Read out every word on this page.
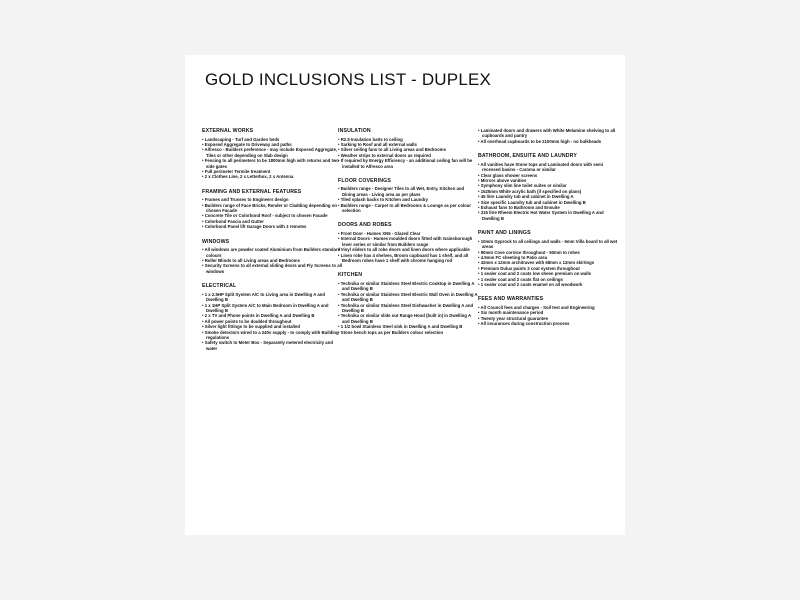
GOLD INCLUSIONS LIST - DUPLEX
EXTERNAL WORKS
• Landscaping - Turf and Garden beds
• Exposed Aggregate to Driveway and paths
• Alfresco - Builders preference - may include Exposed Aggregate, Tiles or other depending on Slab design
• Fencing to all perimeters to be 1800mm high with returns and two side gates
• Full perimeter Termite treatment
• 2 x Clothes Line, 2 x Letterbox, 2 x Antenna
FRAMING AND EXTERNAL FEATURES
• Frames and Trusses to Engineers design
• Builders range of Face Bricks, Render or Cladding depending on chosen Facade
• Concrete Tile or Colorbond Roof - subject to chosen Facade
• Colorbond Fascia and Gutter
• Colorbond Panel lift Garage Doors with 3 remotes
WINDOWS
• All windows are powder coated Aluminium from Builders standard colours
• Roller Blinds to all Living areas and Bedrooms
• Security Screens to all external sliding doors and Fly Screens to all windows
ELECTRICAL
• 1 x 2.5HP Split System A/C to Living area in Dwelling A and Dwelling B
• 1 x 1HP Split System A/C to Main Bedroom in Dwelling A and Dwelling B
• 2 x TV and Phone points in Dwelling A and Dwelling B
• All power points to be doubled throughout
• Silver light fittings to be supplied and installed
• Smoke detectors wired to a 240v supply - to comply with Building regulations
• Safety switch to Meter Box - Separately metered electricity and water
INSULATION
• R2.5 Insulation batts to ceiling
• Sarking to Roof and all external walls
• Silver ceiling fans to all Living areas and Bedrooms
• Weather strips to external doors as required
• If required by Energy Efficiency - an additional ceiling fan will be installed to Alfresco area
FLOOR COVERINGS
• Builders range - Designer Tiles to all Wet, Entry, Kitchen and Dining areas - Living area as per plans
• Tiled splash backs to Kitchen and Laundry
• Builders range - Carpet to all Bedrooms & Lounge as per colour selection
DOORS AND ROBES
• Front Door - Humes XN5 - Glazed Clear
• Internal Doors - Humes moulded doors fitted with Gainsborough lever series or similar from Builders range
• Vinyl sliders to all robe doors and linen doors where applicable
• Linen robe has 4 shelves, Broom cupboard has 1 shelf, and all Bedroom robes have 1 shelf with chrome hanging rod
KITCHEN
• Technika or similar Stainless Steel Electric Cooktop in Dwelling A and Dwelling B
• Technika or similar Stainless Steel Electric Wall Oven in Dwelling A and Dwelling B
• Technika or similar Stainless Steel Dishwasher in Dwelling A and Dwelling B
• Technika or similar slide out Range Hood (built in) in Dwelling A and Dwelling B
• 1 1/2 bowl Stainless Steel sink in Dwelling A and Dwelling B
• Stone bench tops as per Builders colour selection
• Laminated doors and drawers with White Melamine shelving to all cupboards and pantry
• All overhead cupboards to be 2100mm high - no bulkheads
BATHROOM, ENSUITE AND LAUNDRY
• All vanities have Stone tops and Laminated doors with semi recessed basins - Caroma or similar
• Clear glass shower screens
• Mirrors above vanities
• Symphony slim line toilet suites or similar
• 1525mm White acrylic bath (if specified on plans)
• 45 litre Laundry tub and cabinet in Dwelling A
• Size specific Laundry tub and cabinet in Dwelling B
• Exhaust fans to Bathroom and Ensuite
• 315 litre Rheem Electric Hot Water System in Dwelling A and Dwelling B
PAINT AND LININGS
• 10mm Gyprock to all ceilings and walls - 6mm Villa board to all wet areas
• 90mm Cove cornice throughout - 50mm to robes
• 4.5mm FC sheeting to Patio area
• 42mm x 12mm architraves with 68mm x 12mm skirtings
• Premium Dulux paints 3 coat system throughout
• 1 sealer coat and 2 coats low sheen premium on walls
• 1 sealer coat and 2 coats flat on ceilings
• 1 sealer coat and 2 coats enamel on all woodwork
FEES AND WARRANTIES
• All Council fees and charges - Soil test and Engineering
• Six month maintenance period
• Twenty year structural guarantee
• All insurances during construction process
